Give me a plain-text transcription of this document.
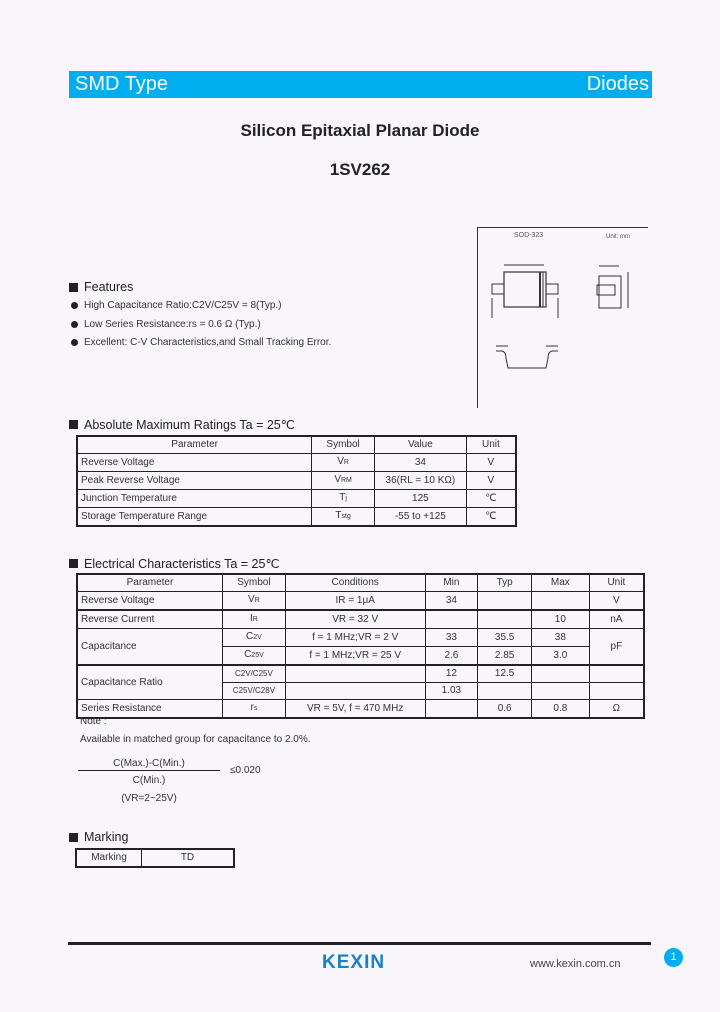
SMD Type	Diodes
Silicon Epitaxial Planar Diode
1SV262
SOD-323	Unit: mm
Features
High Capacitance Ratio:C2V/C25V = 8(Typ.)
Low Series Resistance:rs = 0.6 Ω (Typ.)
Excellent: C-V Characteristics,and Small Tracking Error.
Absolute Maximum Ratings Ta = 25℃
Parameter	Symbol	Value	Unit
Reverse Voltage	VR	34	V
Peak Reverse Voltage	VRM	36(RL = 10 KΩ)	V
Junction Temperature	Tj	125	℃
Storage Temperature Range	Tstg	-55 to +125	℃
Electrical Characteristics Ta = 25℃
Parameter	Symbol	Conditions	Min	Typ	Max	Unit
Reverse Voltage	VR	IR = 1μA	34			V
Reverse Current	IR	VR = 32 V			10	nA
Capacitance	C2V	f = 1 MHz;VR = 2 V	33	35.5	38	pF
	C25V	f = 1 MHz;VR = 25 V	2.6	2.85	3.0	
Capacitance Ratio	C2V/C25V		12	12.5		
	C25V/C28V		1.03			
Series Resistance	rs	VR = 5V, f = 470 MHz		0.6	0.8	Ω
Note :
Available in matched group for capacitance to 2.0%.
C(Max.)-C(Min.)
≤0.020
C(Min.)
(VR=2~25V)
Marking
Marking	TD
KEXIN	www.kexin.com.cn
1
